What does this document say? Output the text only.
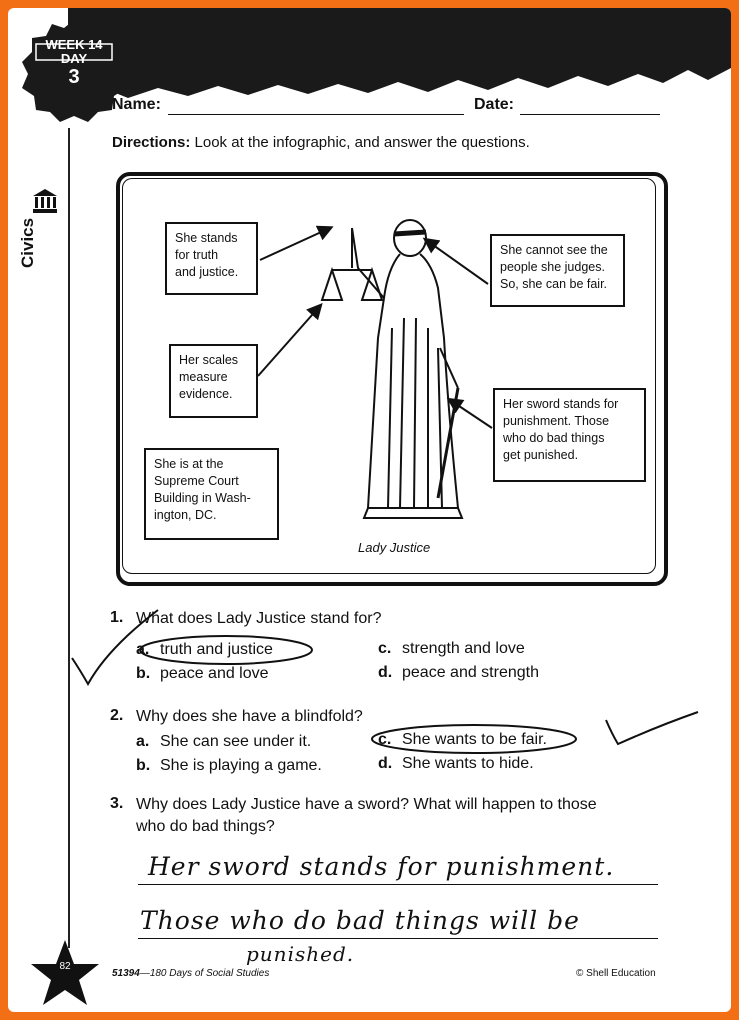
WEEK 14
DAY
3
Name:	Date:
Civics
Directions: Look at the infographic, and answer the questions.
She stands
for truth
and justice.
Her scales
measure
evidence.
She is at the
Supreme Court
Building in Wash-
ington, DC.
She cannot see the
people she judges.
So, she can be fair.
Her sword stands for
punishment. Those
who do bad things
get punished.
Lady Justice
1. What does Lady Justice stand for?
a. truth and justice
b. peace and love
c. strength and love
d. peace and strength
2. Why does she have a blindfold?
a. She can see under it.
b. She is playing a game.
c. She wants to be fair.
d. She wants to hide.
3. Why does Lady Justice have a sword? What will happen to those
who do bad things?
Her sword stands for punishment.
Those who do bad things will be
punished.
82
51394—180 Days of Social Studies	© Shell Education
